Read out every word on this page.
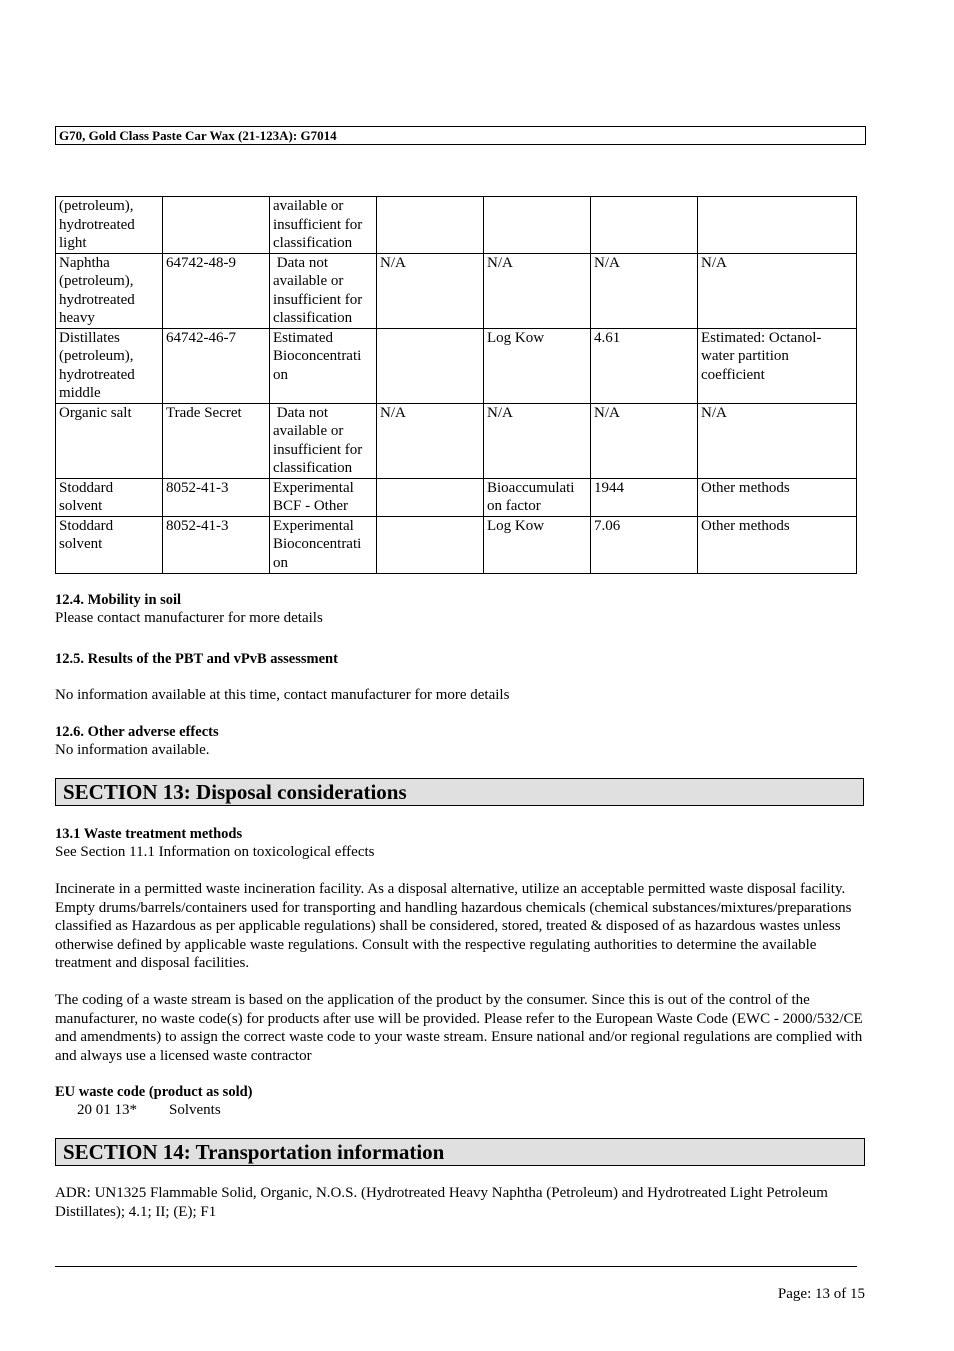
G70, Gold Class Paste Car Wax (21-123A): G7014
(petroleum), hydrotreated light		available or insufficient for classification				
Naphtha (petroleum), hydrotreated heavy	64742-48-9	Data not available or insufficient for classification	N/A	N/A	N/A	N/A
Distillates (petroleum), hydrotreated middle	64742-46-7	Estimated Bioconcentrati on		Log Kow	4.61	Estimated: Octanol-water partition coefficient
Organic salt	Trade Secret	Data not available or insufficient for classification	N/A	N/A	N/A	N/A
Stoddard solvent	8052-41-3	Experimental BCF - Other		Bioaccumulati on factor	1944	Other methods
Stoddard solvent	8052-41-3	Experimental Bioconcentrati on		Log Kow	7.06	Other methods
12.4. Mobility in soil
Please contact manufacturer for more details
12.5. Results of the PBT and vPvB assessment
No information available at this time, contact manufacturer for more details
12.6. Other adverse effects
No information available.
SECTION 13: Disposal considerations
13.1 Waste treatment methods
See Section 11.1 Information on toxicological effects
Incinerate in a permitted waste incineration facility. As a disposal alternative, utilize an acceptable permitted waste disposal facility. Empty drums/barrels/containers used for transporting and handling hazardous chemicals (chemical substances/mixtures/preparations classified as Hazardous as per applicable regulations) shall be considered, stored, treated & disposed of as hazardous wastes unless otherwise defined by applicable waste regulations. Consult with the respective regulating authorities to determine the available treatment and disposal facilities.
The coding of a waste stream is based on the application of the product by the consumer. Since this is out of the control of the manufacturer, no waste code(s) for products after use will be provided. Please refer to the European Waste Code (EWC - 2000/532/CE and amendments) to assign the correct waste code to your waste stream. Ensure national and/or regional regulations are complied with and always use a licensed waste contractor
EU waste code (product as sold)
20 01 13*	Solvents
SECTION 14: Transportation information
ADR: UN1325 Flammable Solid, Organic, N.O.S. (Hydrotreated Heavy Naphtha (Petroleum) and Hydrotreated Light Petroleum Distillates); 4.1; II; (E); F1
Page: 13 of 15
